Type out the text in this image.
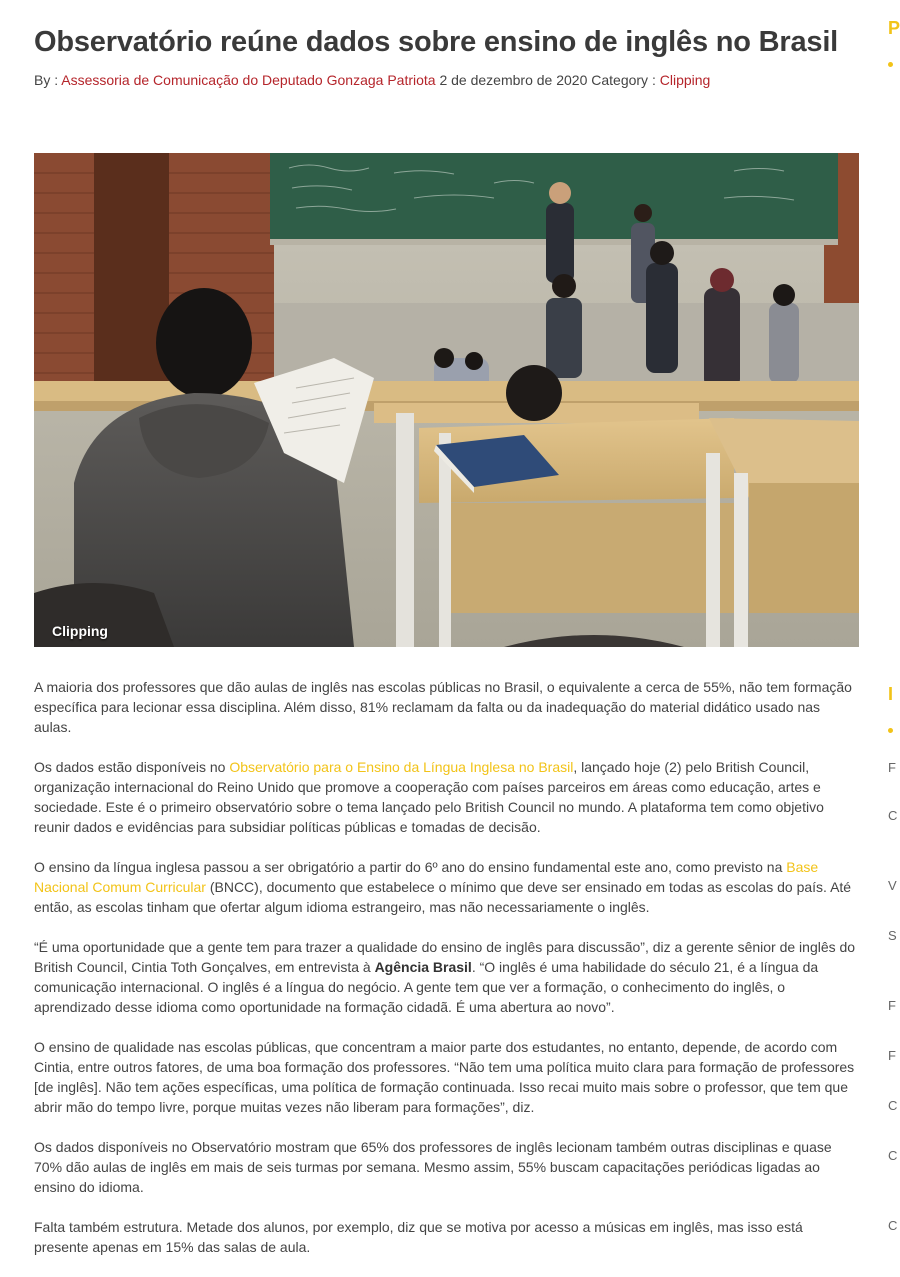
Observatório reúne dados sobre ensino de inglês no Brasil
By : Assessoria de Comunicação do Deputado Gonzaga Patriota 2 de dezembro de 2020 Category : Clipping
Clipping

A maioria dos professores que dão aulas de inglês nas escolas públicas no Brasil, o equivalente a cerca de 55%, não tem formação específica para lecionar essa disciplina. Além disso, 81% reclamam da falta ou da inadequação do material didático usado nas aulas.

Os dados estão disponíveis no Observatório para o Ensino da Língua Inglesa no Brasil, lançado hoje (2) pelo British Council, organização internacional do Reino Unido que promove a cooperação com países parceiros em áreas como educação, artes e sociedade. Este é o primeiro observatório sobre o tema lançado pelo British Council no mundo. A plataforma tem como objetivo reunir dados e evidências para subsidiar políticas públicas e tomadas de decisão.

O ensino da língua inglesa passou a ser obrigatório a partir do 6º ano do ensino fundamental este ano, como previsto na Base Nacional Comum Curricular (BNCC), documento que estabelece o mínimo que deve ser ensinado em todas as escolas do país. Até então, as escolas tinham que ofertar algum idioma estrangeiro, mas não necessariamente o inglês.

“É uma oportunidade que a gente tem para trazer a qualidade do ensino de inglês para discussão”, diz a gerente sênior de inglês do British Council, Cintia Toth Gonçalves, em entrevista à Agência Brasil. “O inglês é uma habilidade do século 21, é a língua da comunicação internacional. O inglês é a língua do negócio. A gente tem que ver a formação, o conhecimento do inglês, o aprendizado desse idioma como oportunidade na formação cidadã. É uma abertura ao novo”.

O ensino de qualidade nas escolas públicas, que concentram a maior parte dos estudantes, no entanto, depende, de acordo com Cintia, entre outros fatores, de uma boa formação dos professores. “Não tem uma política muito clara para formação de professores [de inglês]. Não tem ações específicas, uma política de formação continuada. Isso recai muito mais sobre o professor, que tem que abrir mão do tempo livre, porque muitas vezes não liberam para formações”, diz.

Os dados disponíveis no Observatório mostram que 65% dos professores de inglês lecionam também outras disciplinas e quase 70% dão aulas de inglês em mais de seis turmas por semana. Mesmo assim, 55% buscam capacitações periódicas ligadas ao ensino do idioma.

Falta também estrutura. Metade dos alunos, por exemplo, diz que se motiva por acesso a músicas em inglês, mas isso está presente apenas em 15% das salas de aula.

P
I
F
C
V
S
F
F
C
C
C
